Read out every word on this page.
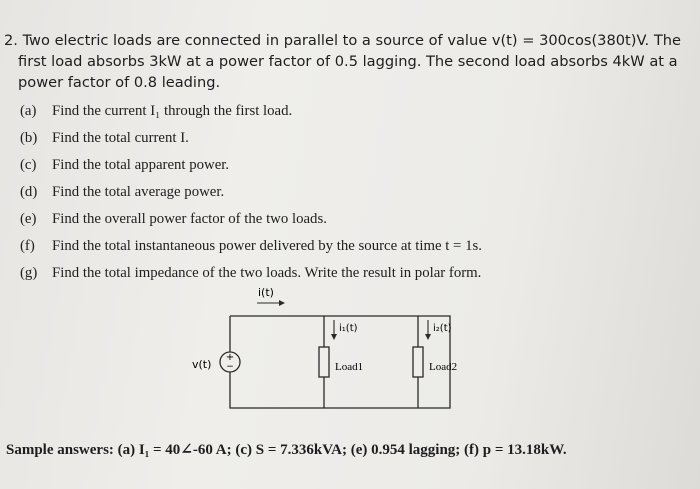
2. Two electric loads are connected in parallel to a source of value v(t) = 300cos(380t)V. The
first load absorbs 3kW at a power factor of 0.5 lagging. The second load absorbs 4kW at a
power factor of 0.8 leading.
(a) Find the current I₁ through the first load.
(b) Find the total current I.
(c) Find the total apparent power.
(d) Find the total average power.
(e) Find the overall power factor of the two loads.
(f) Find the total instantaneous power delivered by the source at time t = 1s.
(g) Find the total impedance of the two loads. Write the result in polar form.
+
−
v(t)	Load1	Load2
i(t)
i₁(t)	i₂(t)
Sample answers: (a) I₁ = 40∠-60 A; (c) S = 7.336kVA; (e) 0.954 lagging; (f) p = 13.18kW.
